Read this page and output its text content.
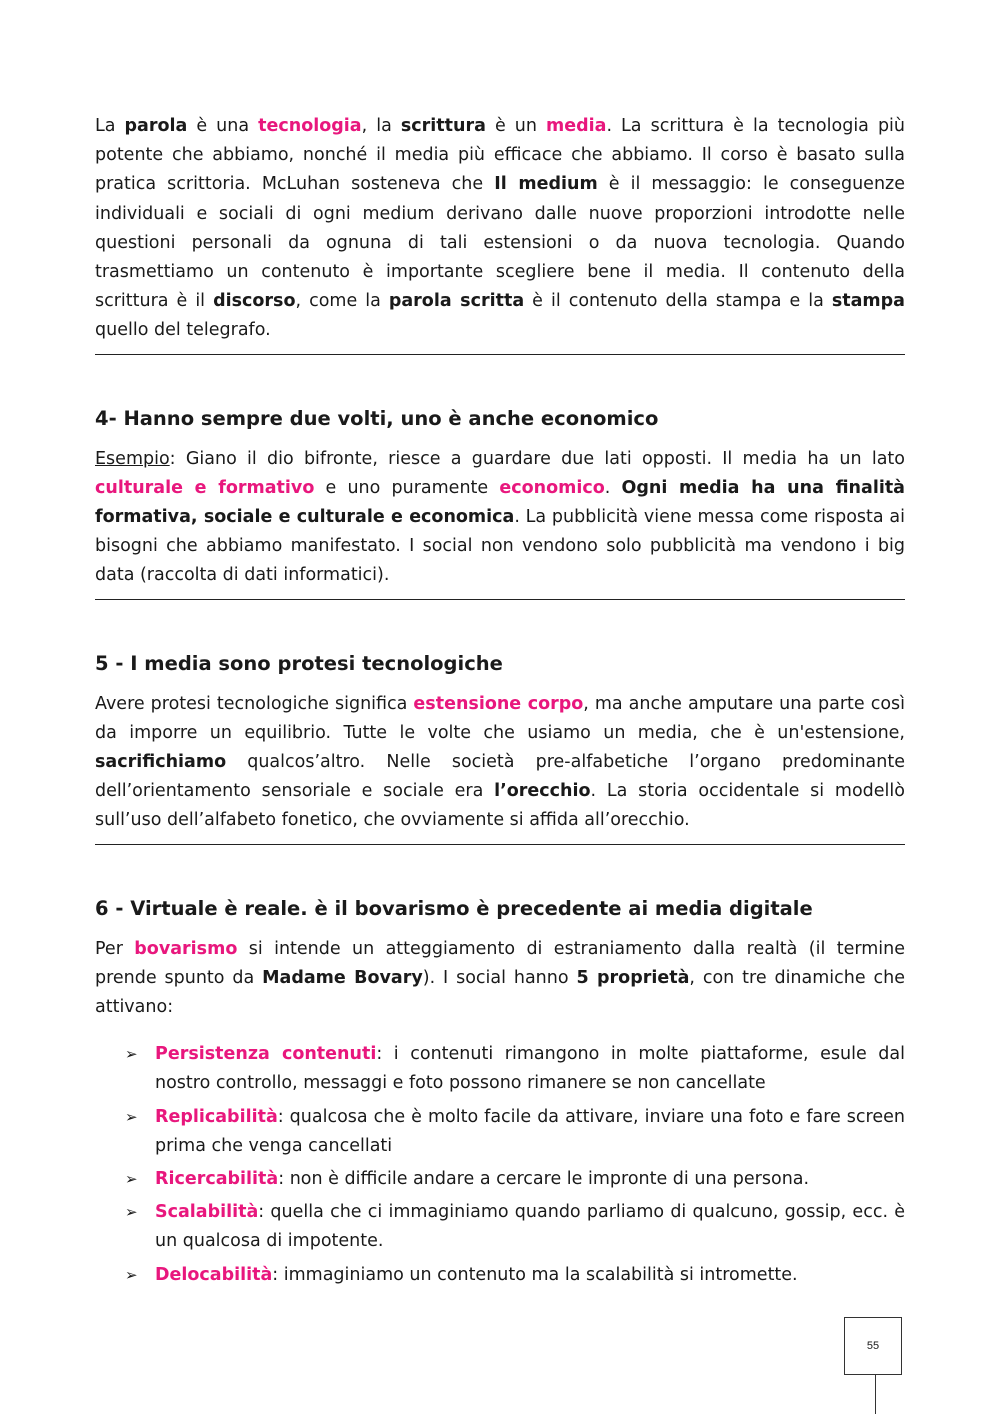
La parola è una tecnologia, la scrittura è un media. La scrittura è la tecnologia più potente che abbiamo, nonché il media più efficace che abbiamo. Il corso è basato sulla pratica scrittoria. McLuhan sosteneva che Il medium è il messaggio: le conseguenze individuali e sociali di ogni medium derivano dalle nuove proporzioni introdotte nelle questioni personali da ognuna di tali estensioni o da nuova tecnologia. Quando trasmettiamo un contenuto è importante scegliere bene il media. Il contenuto della scrittura è il discorso, come la parola scritta è il contenuto della stampa e la stampa quello del telegrafo.

4- Hanno sempre due volti, uno è anche economico

Esempio: Giano il dio bifronte, riesce a guardare due lati opposti. Il media ha un lato culturale e formativo e uno puramente economico. Ogni media ha una finalità formativa, sociale e culturale e economica. La pubblicità viene messa come risposta ai bisogni che abbiamo manifestato. I social non vendono solo pubblicità ma vendono i big data (raccolta di dati informatici).

5 - I media sono protesi tecnologiche

Avere protesi tecnologiche significa estensione corpo, ma anche amputare una parte così da imporre un equilibrio. Tutte le volte che usiamo un media, che è un'estensione, sacrifichiamo qualcos’altro. Nelle società pre-alfabetiche l’organo predominante dell’orientamento sensoriale e sociale era l’orecchio. La storia occidentale si modellò sull’uso dell’alfabeto fonetico, che ovviamente si affida all’orecchio.

6 - Virtuale è reale. è il bovarismo è precedente ai media digitale

Per bovarismo si intende un atteggiamento di estraniamento dalla realtà (il termine prende spunto da Madame Bovary). I social hanno 5 proprietà, con tre dinamiche che attivano:

➢ Persistenza contenuti: i contenuti rimangono in molte piattaforme, esule dal nostro controllo, messaggi e foto possono rimanere se non cancellate
➢ Replicabilità: qualcosa che è molto facile da attivare, inviare una foto e fare screen prima che venga cancellati
➢ Ricercabilità: non è difficile andare a cercare le impronte di una persona.
➢ Scalabilità: quella che ci immaginiamo quando parliamo di qualcuno, gossip, ecc. è un qualcosa di impotente.
➢ Delocabilità: immaginiamo un contenuto ma la scalabilità si intromette.
55
